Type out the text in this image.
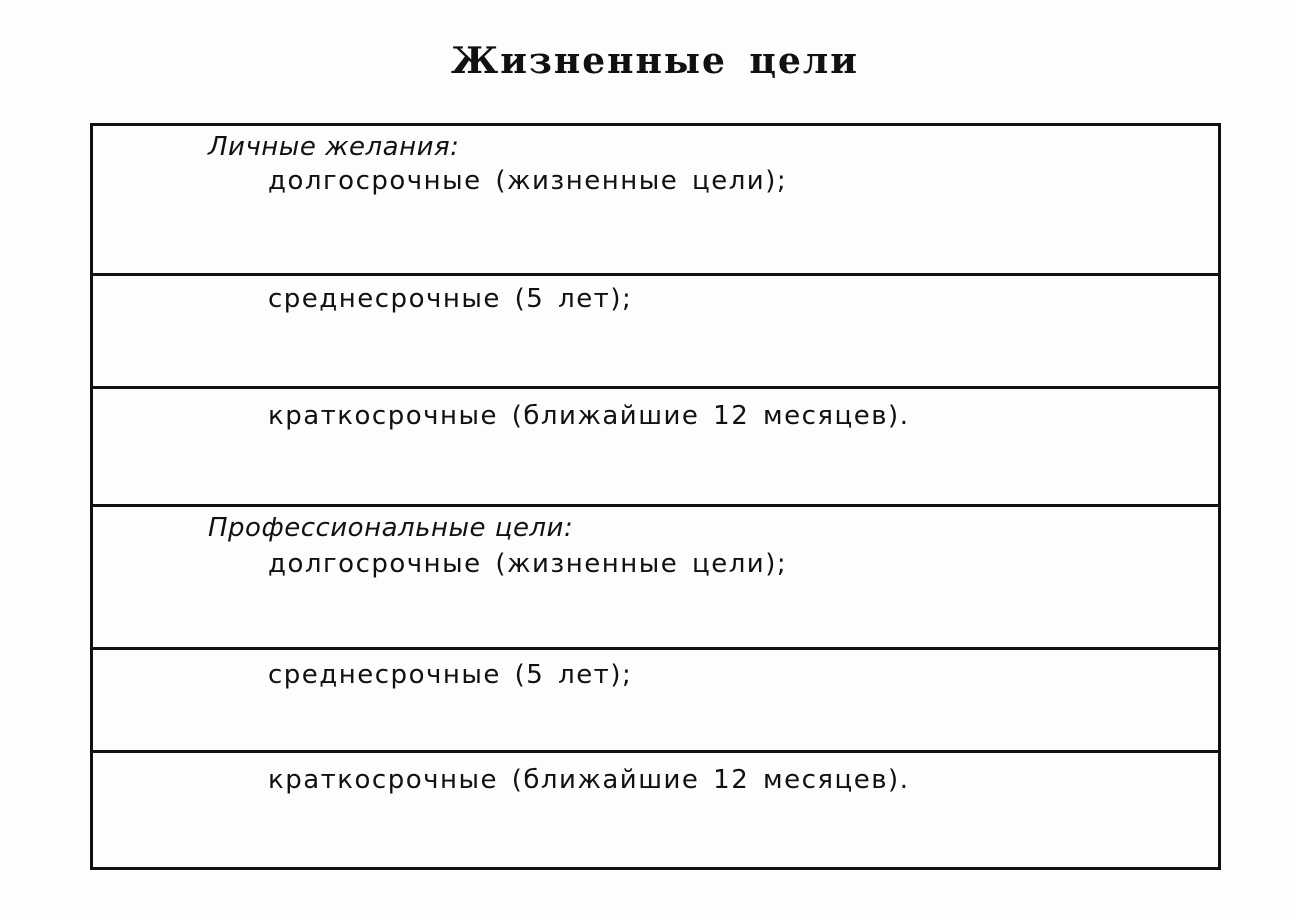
Жизненные цели
Личные желания:
долгосрочные (жизненные цели);
среднесрочные (5 лет);
краткосрочные (ближайшие 12 месяцев).
Профессиональные цели:
долгосрочные (жизненные цели);
среднесрочные (5 лет);
краткосрочные (ближайшие 12 месяцев).
